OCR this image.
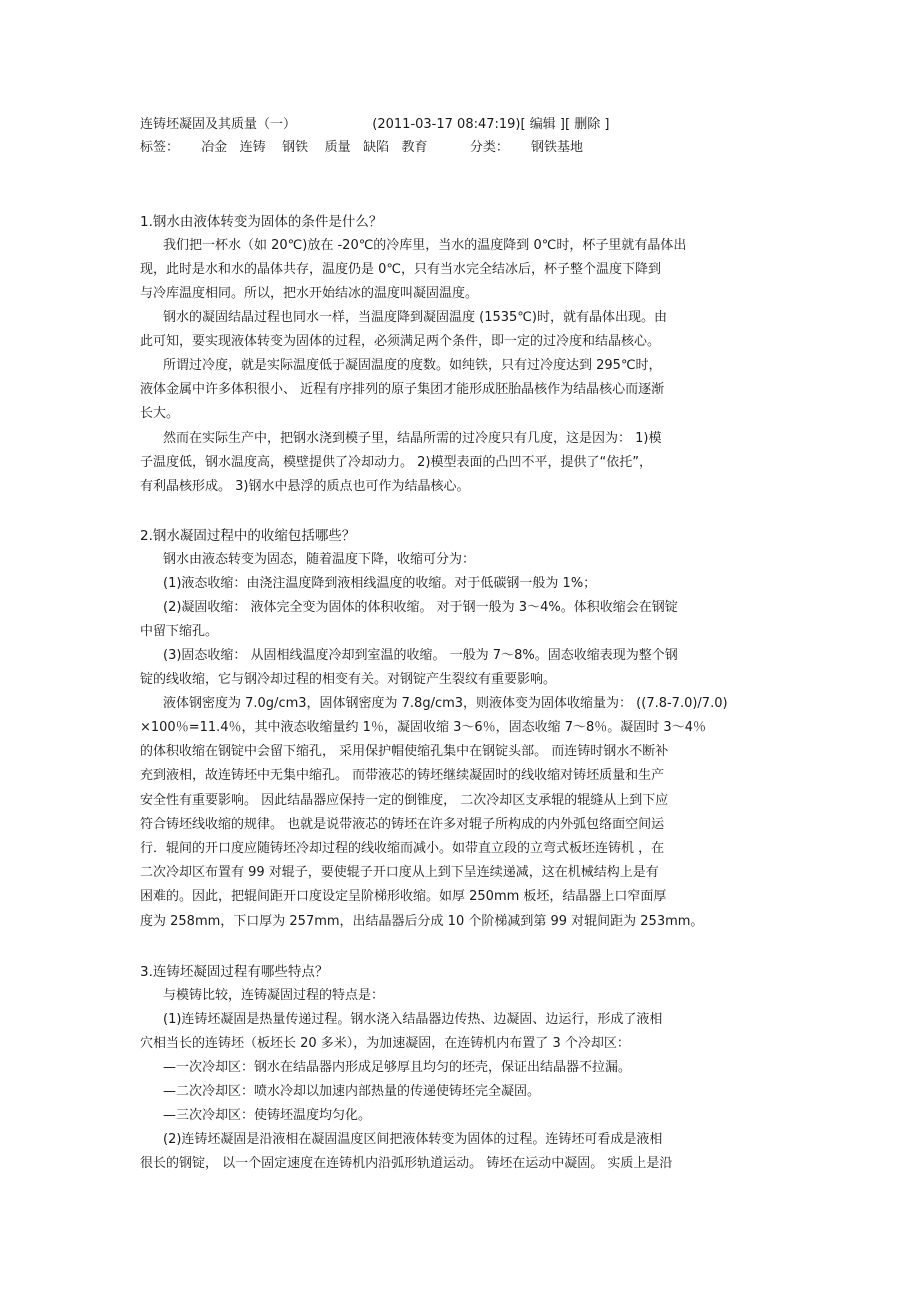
连铸坯凝固及其质量（一）	(2011-03-17 08:47:19)[ 编辑 ][ 删除 ]
标签： 冶金 连铸 钢铁 质量 缺陷 教育	分类： 钢铁基地
1.钢水由液体转变为固体的条件是什么？
我们把一杯水（如 20℃)放在 -20℃的冷库里，当水的温度降到 0℃时，杯子里就有晶体出
现，此时是水和水的晶体共存，温度仍是 0℃，只有当水完全结冰后，杯子整个温度下降到
与冷库温度相同。所以，把水开始结冰的温度叫凝固温度。
钢水的凝固结晶过程也同水一样，当温度降到凝固温度 (1535℃)时，就有晶体出现。由
此可知，要实现液体转变为固体的过程，必须满足两个条件，即一定的过冷度和结晶核心。
所谓过冷度，就是实际温度低于凝固温度的度数。如纯铁，只有过冷度达到 295℃时，
液体金属中许多体积很小、 近程有序排列的原子集团才能形成胚胎晶核作为结晶核心而逐渐
长大。
然而在实际生产中，把钢水浇到模子里，结晶所需的过冷度只有几度，这是因为： 1)模
子温度低，钢水温度高，模壁提供了冷却动力。 2)模型表面的凸凹不平，提供了“依托”，
有利晶核形成。 3)钢水中悬浮的质点也可作为结晶核心。
2.钢水凝固过程中的收缩包括哪些？
钢水由液态转变为固态，随着温度下降，收缩可分为：
(1)液态收缩：由浇注温度降到液相线温度的收缩。对于低碳钢一般为 1%；
(2)凝固收缩： 液体完全变为固体的体积收缩。 对于钢一般为 3～4%。体积收缩会在钢锭
中留下缩孔。
(3)固态收缩： 从固相线温度冷却到室温的收缩。 一般为 7～8%。固态收缩表现为整个钢
锭的线收缩，它与钢冷却过程的相变有关。对钢锭产生裂纹有重要影响。
液体钢密度为 7.0g/cm3，固体钢密度为 7.8g/cm3，则液体变为固体收缩量为： ((7.8-7.0)/7.0)
×100％=11.4％，其中液态收缩量约 1％，凝固收缩 3～6％，固态收缩 7～8％。凝固时 3～4％
的体积收缩在钢锭中会留下缩孔， 采用保护帽使缩孔集中在钢锭头部。 而连铸时钢水不断补
充到液相，故连铸坯中无集中缩孔。 而带液芯的铸坯继续凝固时的线收缩对铸坯质量和生产
安全性有重要影响。 因此结晶器应保持一定的倒锥度， 二次冷却区支承辊的辊缝从上到下应
符合铸坯线收缩的规律。 也就是说带液芯的铸坯在许多对辊子所构成的内外弧包络面空间运
行．辊间的开口度应随铸坯冷却过程的线收缩而减小。如带直立段的立弯式板坯连铸机 ，在
二次冷却区布置有 99 对辊子，要使辊子开口度从上到下呈连续递减，这在机械结构上是有
困难的。因此，把辊间距开口度设定呈阶梯形收缩。如厚 250mm 板坯，结晶器上口窄面厚
度为 258mm，下口厚为 257mm，出结晶器后分成 10 个阶梯减到第 99 对辊间距为 253mm。
3.连铸坯凝固过程有哪些特点？
与模铸比较，连铸凝固过程的特点是：
(1)连铸坯凝固是热量传递过程。钢水浇入结晶器边传热、边凝固、边运行，形成了液相
穴相当长的连铸坯（板坯长 20 多米），为加速凝固，在连铸机内布置了 3 个冷却区：
—一次冷却区：钢水在结晶器内形成足够厚且均匀的坯壳，保证出结晶器不拉漏。
—二次冷却区：喷水冷却以加速内部热量的传递使铸坯完全凝固。
—三次冷却区：使铸坯温度均匀化。
(2)连铸坯凝固是沿液相在凝固温度区间把液体转变为固体的过程。连铸坯可看成是液相
很长的钢锭， 以一个固定速度在连铸机内沿弧形轨道运动。 铸坯在运动中凝固。 实质上是沿
